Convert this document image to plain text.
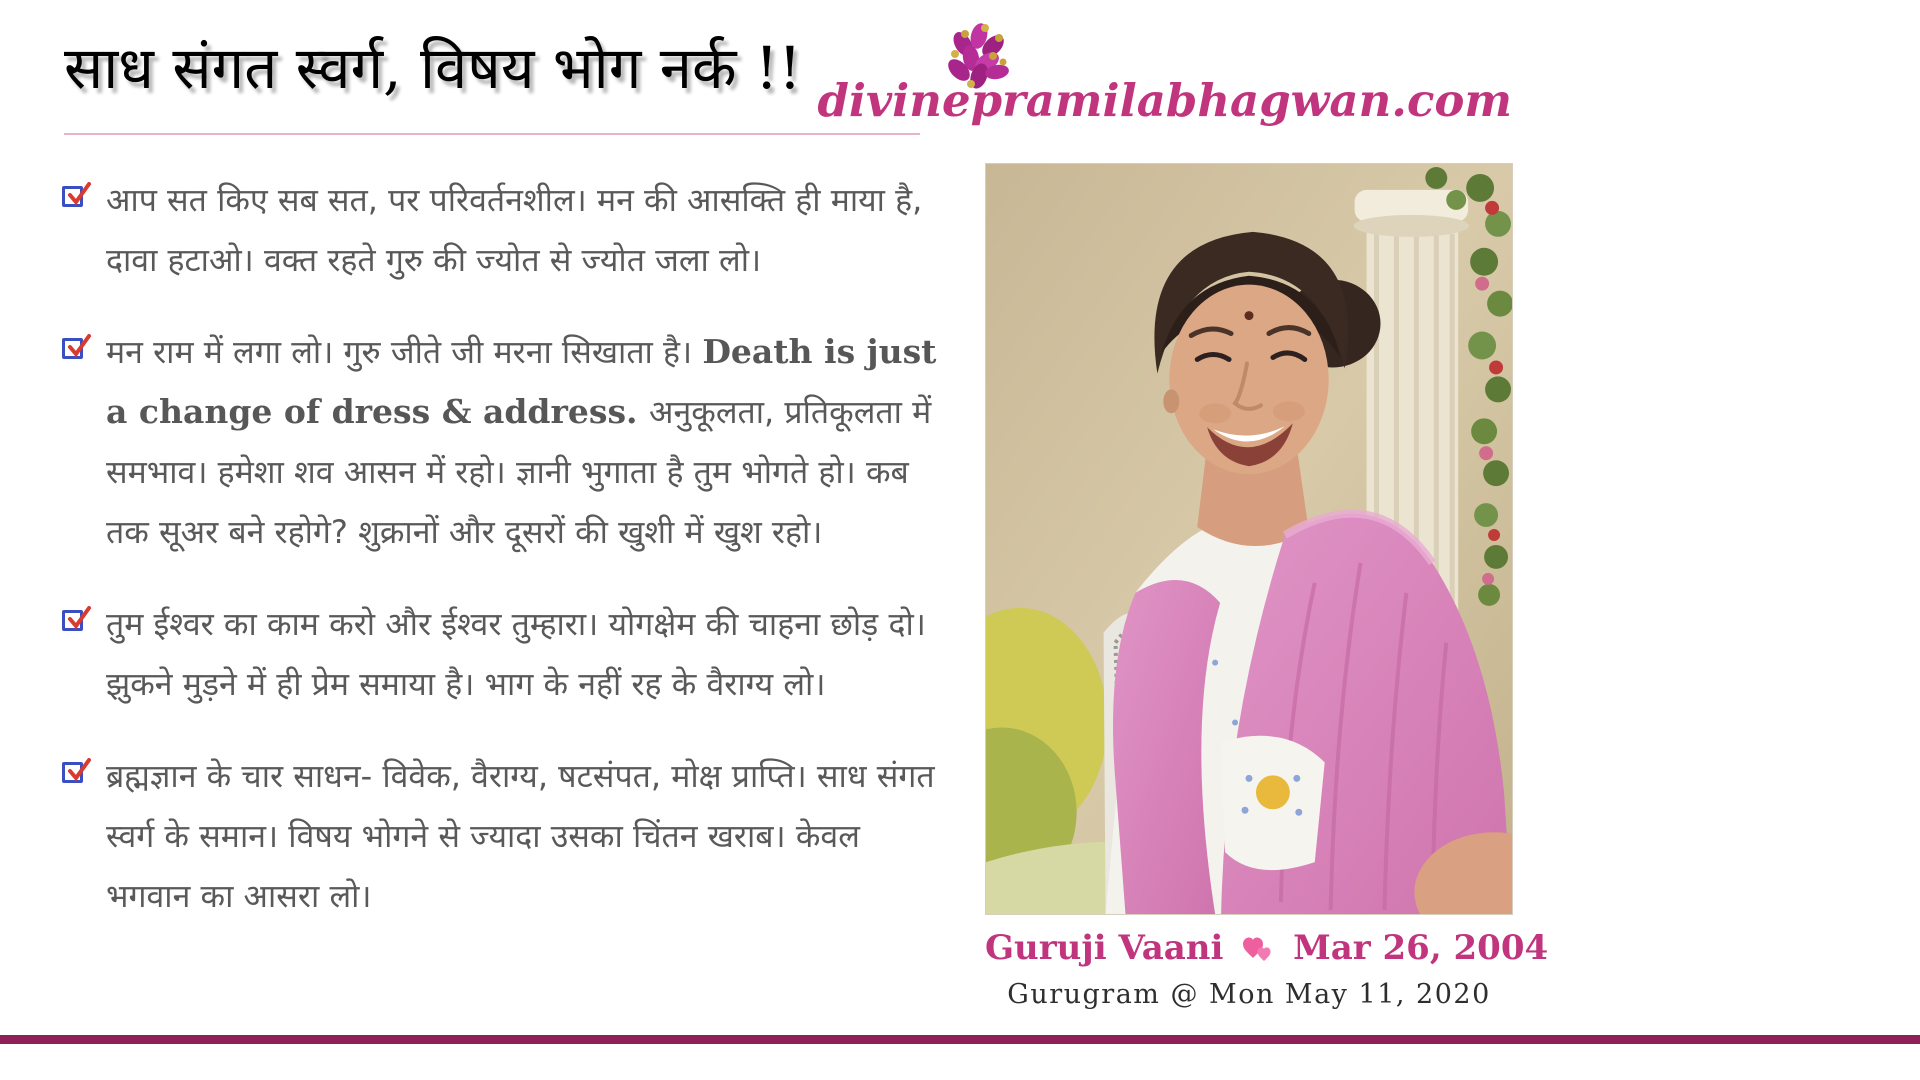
साध संगत स्वर्ग, विषय भोग नर्क !! divinepramilabhagwan.com
आप सत किए सब सत, पर परिवर्तनशील। मन की आसक्ति ही माया है, दावा हटाओ। वक्त रहते गुरु की ज्योत से ज्योत जला लो।
मन राम में लगा लो। गुरु जीते जी मरना सिखाता है। Death is just a change of dress & address. अनुकूलता, प्रतिकूलता में समभाव। हमेशा शव आसन में रहो। ज्ञानी भुगाता है तुम भोगते हो। कब तक सूअर बने रहोगे? शुक्रानों और दूसरों की खुशी में खुश रहो।
तुम ईश्वर का काम करो और ईश्वर तुम्हारा। योगक्षेम की चाहना छोड़ दो। झुकने मुड़ने में ही प्रेम समाया है। भाग के नहीं रह के वैराग्य लो।
ब्रह्मज्ञान के चार साधन- विवेक, वैराग्य, षटसंपत, मोक्ष प्राप्ति। साध संगत स्वर्ग के समान। विषय भोगने से ज्यादा उसका चिंतन खराब। केवल भगवान का आसरा लो।
Guruji Vaani Mar 26, 2004
Gurugram @ Mon May 11, 2020
